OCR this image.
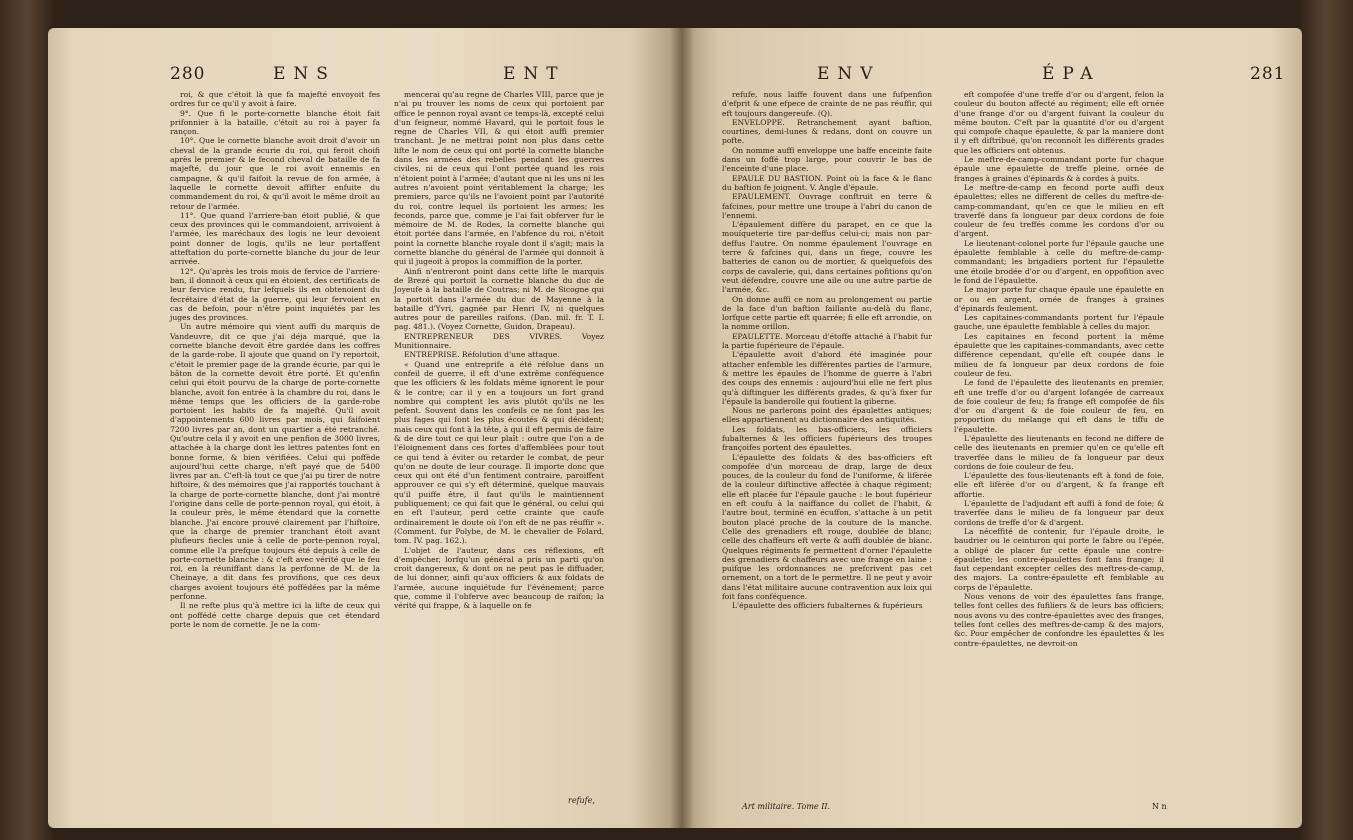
280	ENS	ENT

roi, & que c'étoit là que fa majefté envoyoit fes ordres fur ce qu'il y avoit à faire.

9°. Que fi le porte-cornette blanche étoit fait prifonnier à la bataille, c'étoit au roi à payer fa rançon.

10°. Que le cornette blanche avoit droit d'avoir un cheval de la grande écurie du roi, qui feroit choifi après le premier & le fecond cheval de bataille de fa majefté, du jour que le roi avoit ennemis en campagne, & qu'il faifoit la revue de fon armée, à laquelle le cornette devoit affifter enfuite du commandement du roi, & qu'il avoit le même droit au retour de l'armée.

11°. Que quand l'arriere-ban étoit publié, & que ceux des provinces qui le commandoient, arrivoient à l'armée, les maréchaux des logis ne leur devoient point donner de logis, qu'ils ne leur portaffent atteftation du porte-cornette blanche du jour de leur arrivée.

12°. Qu'après les trois mois de fervice de l'arriere-ban, il donnoit à ceux qui en étoient, des certificats de leur fervice rendu, fur lefquels ils en obtenoient du fecrétaire d'état de la guerre, qui leur fervoient en cas de befoin, pour n'être point inquiétés par les juges des provinces.

Un autre mémoire qui vient auffi du marquis de Vandeuvre, dit ce que j'ai déja marqué, que la cornette blanche devoit être gardée dans les coffres de la garde-robe. Il ajoute que quand on l'y reportoit, c'étoit le premier page de la grande écurie, par qui le bâton de la cornette devoit être porté. Et qu'enfin celui qui étoit pourvu de la charge de porte-cornette blanche, avoit fon entrée à la chambre du roi, dans le même temps que les officiers de la garde-robe portoient les habits de fa majefté. Qu'il avoit d'appointements 600 livres par mois, qui faifoient 7200 livres par an, dont un quartier a été retranché. Qu'outre cela il y avoit en une penfion de 3000 livres, attachée à la charge dont les lettres patentes font en bonne forme, & bien vérifiées. Celui qui poffède aujourd'hui cette charge, n'eft payé que de 5400 livres par an. C'eft-là tout ce que j'ai pu tirer de notre hiftoire, & des mémoires que j'ai rapportés touchant à la charge de porte-cornette blanche, dont j'ai montré l'origine dans celle de porte-pennon royal, qui étoit, à la couleur près, le même étendard que la cornette blanche. J'ai encore prouvé clairement par l'hiftoire, que la charge de premier tranchant étoit avant plufieurs fiecles unie à celle de porte-pennon royal, comme elle l'a prefque toujours été depuis à celle de porte-cornette blanche : & c'eft avec vérité que le feu roi, en la réuniffant dans la perfonne de M. de la Cheinaye, a dit dans fes provifions, que ces deux charges avoient toujours été poffédées par la même perfonne.

Il ne refte plus qu'à mettre ici la lifte de ceux qui ont poffédé cette charge depuis que cet étendard porte le nom de cornette. Je ne la com-

mencerai qu'au regne de Charles VIII, parce que je n'ai pu trouver les noms de ceux qui portoient par office le pennon royal avant ce temps-là, excepté celui d'un feigneur, nommé Havard, qui le portoit fous le regne de Charles VII, & qui étoit auffi premier tranchant. Je ne mettrai point non plus dans cette lifte le nom de ceux qui ont porté la cornette blanche dans les armées des rebelles pendant les guerres civiles, ni de ceux qui l'ont portée quand les rois n'étoient point à l'armée; d'autant que ni les uns ni les autres n'avoient point véritablement la charge; les premiers, parce qu'ils ne l'avoient point par l'autorité du roi, contre lequel ils portoient les armes; les feconds, parce que, comme je l'ai fait obferver fur le mémoire de M. de Rodes, la cornette blanche qui étoit portée dans l'armée, en l'abfence du roi, n'étoit point la cornette blanche royale dont il s'agit; mais la cornette blanche du général de l'armée qui donnoit à qui il jugeoit à propos la commiffion de la porter.

Ainfi n'entreront point dans cette lifte le marquis de Brezé qui portoit la cornette blanche du duc de Joyeufe à la bataille de Coutras; ni M. de Sicogne qui la portoit dans l'armée du duc de Mayenne à la bataille d'Yvri, gagnée par Henri IV, ni quelques autres pour de pareilles raifons. (Dan. mil. fr. T. I. pag. 481.). (Voyez Cornette, Guidon, Drapeau).

ENTREPRENEUR DES VIVRES. Voyez Munitionnaire.

ENTREPRISE. Réfolution d'une attaque.

« Quand une entreprife a été réfolue dans un confeil de guerre, il eft d'une extrême conféquence que les officiers & les foldats même ignorent le pour & le contre; car il y en a toujours un fort grand nombre qui comptent les avis plutôt qu'ils ne les pefent. Souvent dans les confeils ce ne font pas les plus fages qui font les plus écoutés & qui décident; mais ceux qui font à la tête, à qui il eft permis de faire & de dire tout ce qui leur plaît : outre que l'on a de l'éloignement dans ces fortes d'affemblées pour tout ce qui tend à éviter ou retarder le combat, de peur qu'on ne doute de leur courage. Il importe donc que ceux qui ont été d'un fentiment contraire, paroiffent approuver ce qui s'y eft déterminé, quelque mauvais qu'il puiffe être, il faut qu'ils le maintiennent publiquement; ce qui fait que le général, ou celui qui en eft l'auteur, perd cette crainte que caufe ordinairement le doute où l'on eft de ne pas réuffir ». (Comment. fur Polybe, de M. le chevalier de Folard, tom. IV. pag. 162.).

L'objet de l'auteur, dans ces réflexions, eft d'empêcher, lorfqu'un général a pris un parti qu'on croit dangereux, & dont on ne peut pas le diffuader, de lui donner, ainfi qu'aux officiers & aux foldats de l'armée, aucune inquiétude fur l'événement; parce que, comme il l'obferve avec beaucoup de raifon; la vérité qui frappe, & à laquelle on fe

refufe,
ENV	ÉPA	281

refufe, nous laiffe fouvent dans une fufpenfion d'efprit & une efpece de crainte de ne pas réuffir, qui eft toujours dangereufe. (Q).

ENVELOPPE. Retranchement ayant baftion, courtines, demi-lunes & redans, dont on couvre un pofte.

On nomme auffi enveloppe une baffe enceinte faite dans un foffé trop large, pour couvrir le bas de l'enceinte d'une place.

EPAULE DU BASTION. Point où la face & le flanc du baftion fe joignent. V. Angle d'épaule.

EPAULEMENT. Ouvrage conftruit en terre & fafcines, pour mettre une troupe à l'abri du canon de l'ennemi.

L'épaulement diffère du parapet, en ce que la mouíqueterie tire par-deffus celui-ci; mais non par-deffus l'autre. On nomme épaulement l'ouvrage en terre & fafcines qui, dans un fiege, couvre les batteries de canon ou de mortier, & quelquefois des corps de cavalerie, qui, dans certaines pofitions qu'on veut défendre, couvre une aile ou une autre partie de l'armée, &c.

On donne auffi ce nom au prolongement ou partie de la face d'un baftion faillante au-delà du flanc, lorfque cette partie eft quarrée; fi elle eft arrondie, on la nomme orillon.

EPAULETTE. Morceau d'étoffe attaché à l'habit fur la partie fupérieure de l'épaule.

L'épaulette avoit d'abord été imaginée pour attacher enfemble les différentes parties de l'armure, & mettre les épaules de l'homme de guerre à l'abri des coups des ennemis : aujourd'hui elle ne fert plus qu'à diftinguer les différents grades, & qu'à fixer fur l'épaule la banderolle qui foutient la giberne.

Nous ne parlerons point des épaulettes antiques; elles appartiennent au dictionnaire des antiquités.

Les foldats, les bas-officiers, les officiers fubalternes & les officiers fupérieurs des troupes françoifes portent des épaulettes.

L'épaulette des foldats & des bas-officiers eft compofée d'un morceau de drap, large de deux pouces, de la couleur du fond de l'uniforme, & lifèrée de la couleur diftinctive affectée à chaque régiment; elle eft placée fur l'épaule gauche : le bout fupérieur en eft coufu à la naiffance du collet de l'habit, & l'autre bout, terminé en écuffon, s'attache à un petit bouton placé proche de la couture de la manche. Celle des grenadiers eft rouge, doublée de blanc; celle des chaffeurs eft verte & auffi doublée de blanc. Quelques régiments fe permettent d'orner l'épaulette des grenadiers & chaffeurs avec une frange en laine : puifque les ordonnances ne prefcrivent pas cet ornement, on a tort de le permettre. Il ne peut y avoir dans l'état militaire aucune contravention aux loix qui foit fans conféquence.

L'épaulette des officiers fubalternes & fupérieurs

eft compofée d'une treffe d'or ou d'argent, felon la couleur du bouton affecté au régiment; elle eft ornée d'une frange d'or ou d'argent fuivant la couleur du même bouton. C'eft par la quantité d'or ou d'argent qui compofe chaque épaulette, & par la maniere dont il y eft diftribué, qu'on reconnoît les différents grades que les officiers ont obtenus.

Le meftre-de-camp-commandant porte fur chaque épaule une épaulette de treffe pleine, ornée de franges à graines d'épinards & à cordes à puits.

Le meftre-de-camp en fecond porte auffi deux épaulettes; elles ne different de celles du meftre-de-camp-commandant, qu'en ce que le milieu en eft traverfé dans fa longueur par deux cordons de foie couleur de feu treffés comme les cordons d'or ou d'argent.

Le lieutenant-colonel porte fur l'épaule gauche une épaulette femblable à celle du meftre-de-camp-commandant; les brigadiers portent fur l'épaulette une étoile brodée d'or ou d'argent, en oppofition avec le fond de l'épaulette.

Le major porte fur chaque épaule une épaulette en or ou en argent, ornée de franges à graines d'épinards feulement.

Les capitaines-commandants portent fur l'épaule gauche, une épaulette femblable à celles du major.

Les capitaines en fecond portent la même épaulette que les capitaines-commandants, avec cette différence cependant, qu'elle eft coupée dans le milieu de fa longueur par deux cordons de foie couleur de feu.

Le fond de l'épaulette des lieutenants en premier, eft une treffe d'or ou d'argent lofangée de carreaux de foie couleur de feu; fa frange eft compofée de fils d'or ou d'argent & de foie couleur de feu, en proportion du mélange qui eft dans le tiffu de l'épaulette.

L'épaulette des lieutenants en fecond ne differe de celle des lieutenants en premier qu'en ce qu'elle eft traverfée dans le milieu de fa longueur par deux cordons de foie couleur de feu.

L'épaulette des fous-lieutenants eft à fond de foie, elle eft lifèrée d'or ou d'argent, & fa frange eft affortie.

L'épaulette de l'adjudant eft auffi à fond de foie; & traverfée dans le milieu de fa longueur par deux cordons de treffe d'or & d'argent.

La néceffité de contenir, fur l'épaule droite, le baudrier ou le ceinturon qui porte le fabre ou l'épée, a obligé de placer fur cette épaule une contre-épaulette; les contre-épaulettes font fans frange; il faut cependant excepter celles des meftres-de-camp, des majors. La contre-épaulette eft femblable au corps de l'épaulette.

Nous venons de voir des épaulettes fans frange, telles font celles des fufiliers & de leurs bas officiers; nous avons vu des contre-épaulettes avec des franges, telles font celles des meftres-de-camp & des majors, &c. Pour empêcher de confondre les épaulettes & les contre-épaulettes, ne devroit-on

Art militaire. Tome II.	N n
